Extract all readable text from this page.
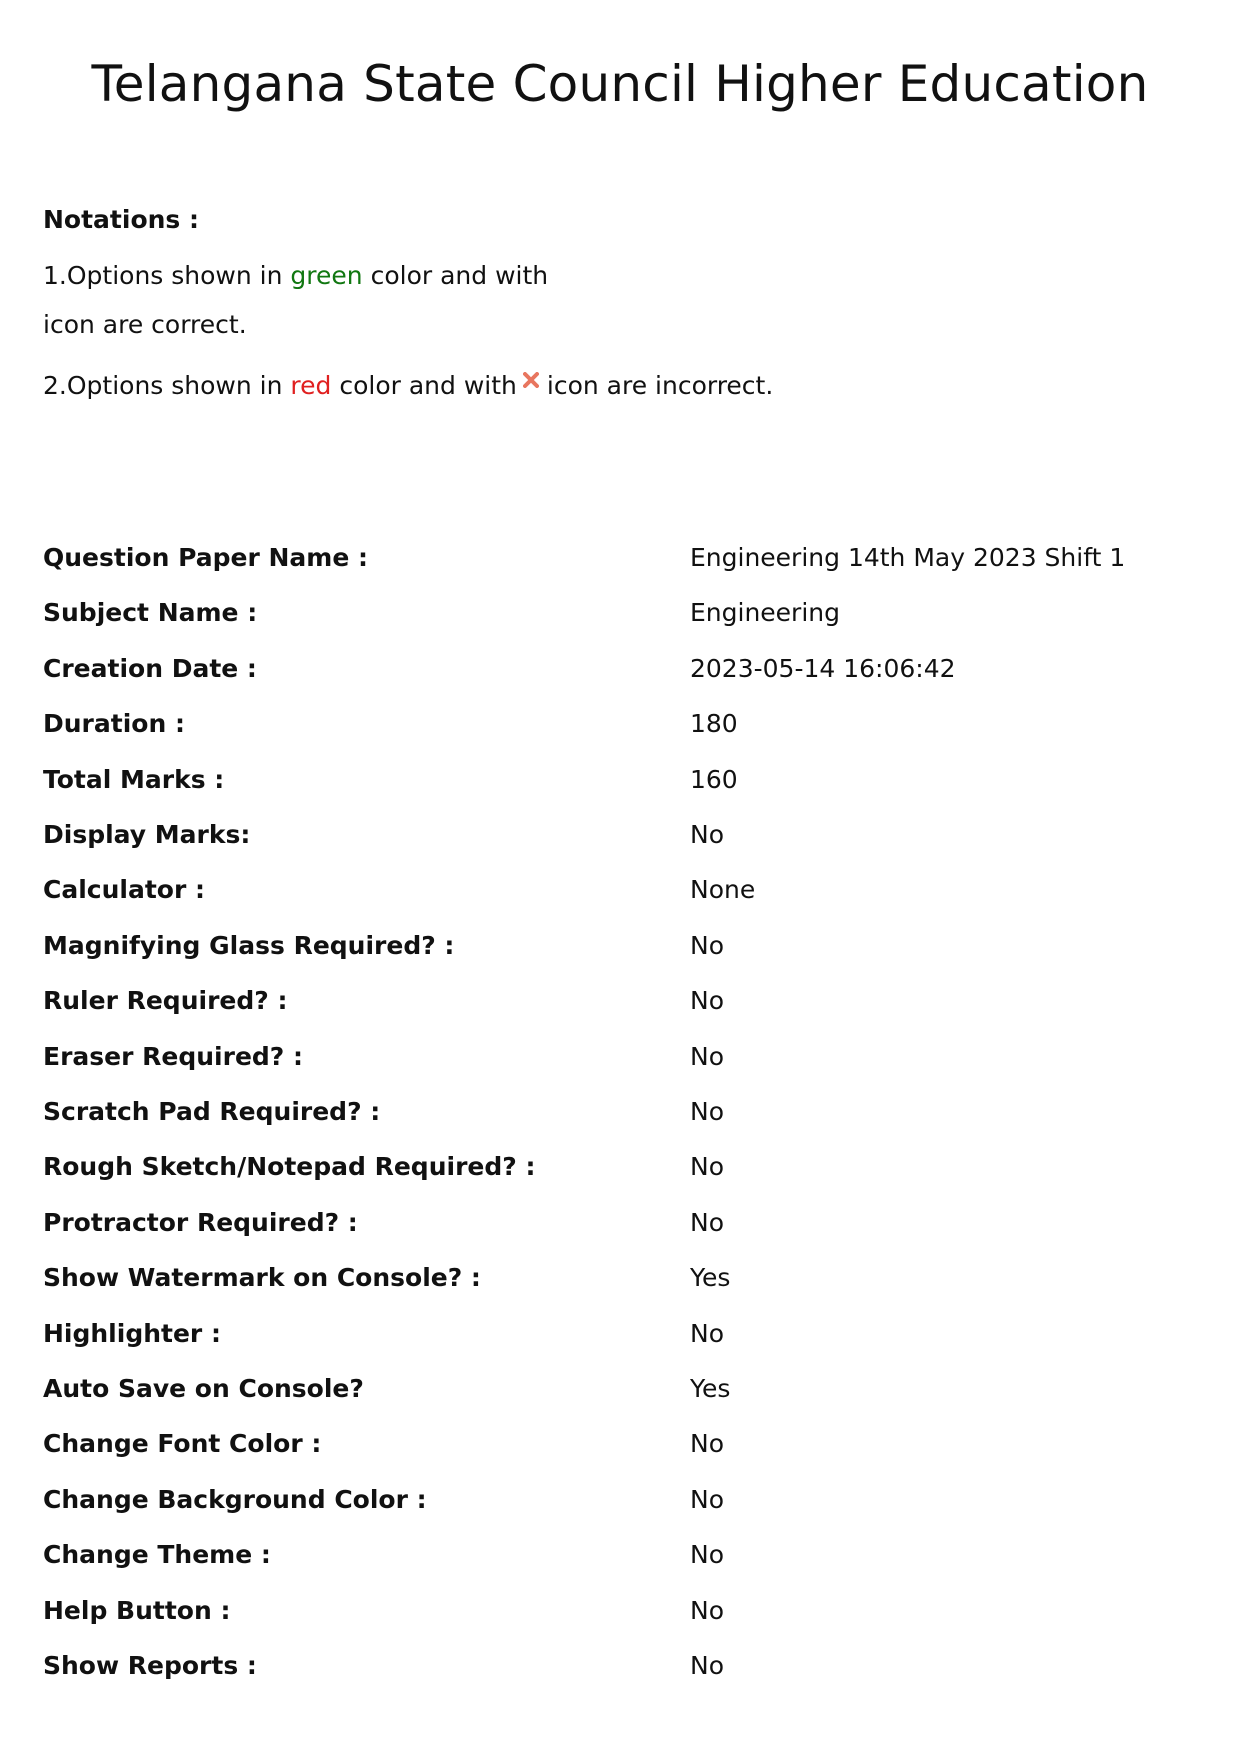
Telangana State Council Higher Education
Notations :
1.Options shown in green color and with
icon are correct.
2.Options shown in red color and with icon are incorrect.
Question Paper Name :	Engineering 14th May 2023 Shift 1
Subject Name :	Engineering
Creation Date :	2023-05-14 16:06:42
Duration :	180
Total Marks :	160
Display Marks:	No
Calculator :	None
Magnifying Glass Required? :	No
Ruler Required? :	No
Eraser Required? :	No
Scratch Pad Required? :	No
Rough Sketch/Notepad Required? :	No
Protractor Required? :	No
Show Watermark on Console? :	Yes
Highlighter :	No
Auto Save on Console?	Yes
Change Font Color :	No
Change Background Color :	No
Change Theme :	No
Help Button :	No
Show Reports :	No
